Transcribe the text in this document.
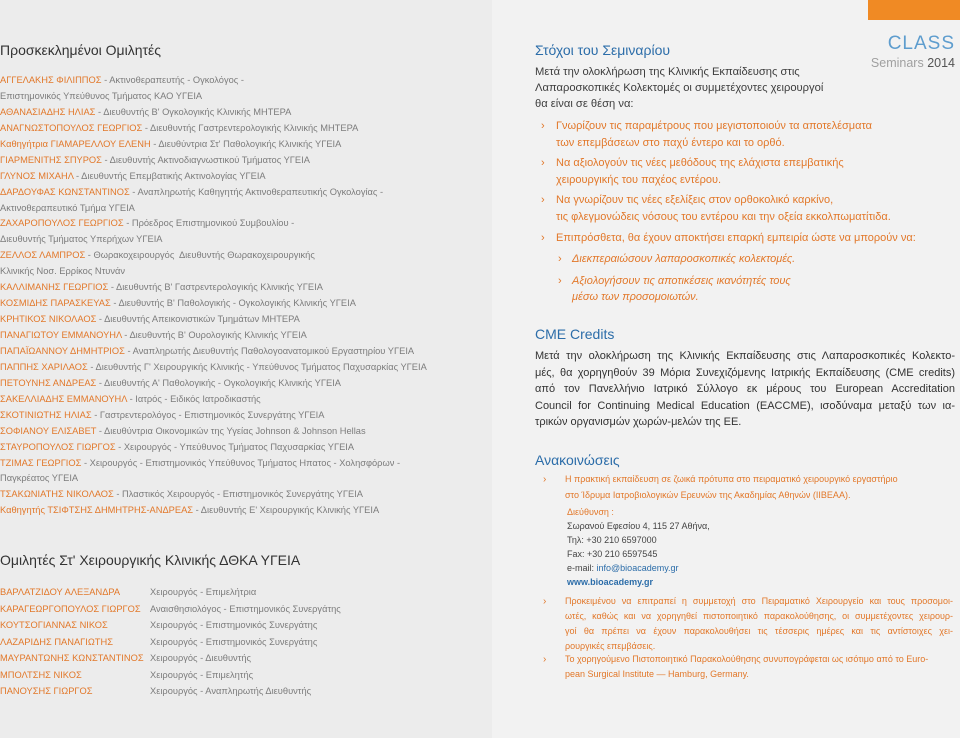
Προσκεκλημένοι Ομιλητές
ΑΓΓΕΛΑΚΗΣ ΦΙΛΙΠΠΟΣ - Ακτινοθεραπευτής - Ογκολόγος -
Επιστημονικός Υπεύθυνος Τμήματος ΚΑΟ ΥΓΕΙΑ
ΑΘΑΝΑΣΙΑΔΗΣ ΗΛΙΑΣ - Διευθυντής Β' Ογκολογικής Κλινικής ΜΗΤΕΡΑ
ΑΝΑΓΝΩΣΤΟΠΟΥΛΟΣ ΓΕΩΡΓΙΟΣ - Διευθυντής Γαστρεντερολογικής Κλινικής ΜΗΤΕΡΑ
Καθηγήτρια ΓΙΑΜΑΡΕΛΛΟΥ ΕΛΕΝΗ - Διευθύντρια Στ' Παθολογικής Κλινικής ΥΓΕΙΑ
ΓΙΑΡΜΕΝΙΤΗΣ ΣΠΥΡΟΣ - Διευθυντής Ακτινοδιαγνωστικού Τμήματος ΥΓΕΙΑ
ΓΛΥΝΟΣ ΜΙΧΑΗΛ - Διευθυντής Επεμβατικής Ακτινολογίας ΥΓΕΙΑ
ΔΑΡΔΟΥΦΑΣ ΚΩΝΣΤΑΝΤΙΝΟΣ - Αναπληρωτής Καθηγητής Ακτινοθεραπευτικής Ογκολογίας -
Ακτινοθεραπευτικό Τμήμα ΥΓΕΙΑ
ΖΑΧΑΡΟΠΟΥΛΟΣ ΓΕΩΡΓΙΟΣ - Πρόεδρος Επιστημονικού Συμβουλίου -
Διευθυντής Τμήματος Υπερήχων ΥΓΕΙΑ
ΖΕΛΛΟΣ ΛΑΜΠΡΟΣ - Θωρακοχειρουργός  Διευθυντής Θωρακοχειρουργικής
Κλινικής Νοσ. Ερρίκος Ντυνάν
ΚΑΛΛΙΜΑΝΗΣ ΓΕΩΡΓΙΟΣ - Διευθυντής Β' Γαστρεντερολογικής Κλινικής ΥΓΕΙΑ
ΚΟΣΜΙΔΗΣ ΠΑΡΑΣΚΕΥΑΣ - Διευθυντής Β' Παθολογικής - Ογκολογικής Κλινικής ΥΓΕΙΑ
ΚΡΗΤΙΚΟΣ ΝΙΚΟΛΑΟΣ - Διευθυντής Απεικονιστικών Τμημάτων ΜΗΤΕΡΑ
ΠΑΝΑΓΙΩΤΟΥ ΕΜΜΑΝΟΥΗΛ - Διευθυντής Β' Ουρολογικής Κλινικής ΥΓΕΙΑ
ΠΑΠΑΪΩΑΝΝΟΥ ΔΗΜΗΤΡΙΟΣ - Αναπληρωτής Διευθυντής Παθολογοανατομικού Εργαστηρίου ΥΓΕΙΑ
ΠΑΠΠΗΣ ΧΑΡΙΛΑΟΣ - Διευθυντής Γ' Χειρουργικής Κλινικής - Υπεύθυνος Τμήματος Παχυσαρκίας ΥΓΕΙΑ
ΠΕΤΟΥΝΗΣ ΑΝΔΡΕΑΣ - Διευθυντής Α' Παθολογικής - Ογκολογικής Κλινικής ΥΓΕΙΑ
ΣΑΚΕΛΛΙΑΔΗΣ ΕΜΜΑΝΟΥΗΛ - Ιατρός - Ειδικός Ιατροδικαστής
ΣΚΟΤΙΝΙΩΤΗΣ ΗΛΙΑΣ - Γαστρεντερολόγος - Επιστημονικός Συνεργάτης ΥΓΕΙΑ
ΣΟΦΙΑΝΟΥ ΕΛΙΣΑΒΕΤ - Διευθύντρια Οικονομικών της Υγείας Johnson & Johnson Hellas
ΣΤΑΥΡΟΠΟΥΛΟΣ ΓΙΩΡΓΟΣ - Χειρουργός - Υπεύθυνος Τμήματος Παχυσαρκίας ΥΓΕΙΑ
ΤΖΙΜΑΣ ΓΕΩΡΓΙΟΣ - Χειρουργός - Επιστημονικός Υπεύθυνος Τμήματος Ηπατος - Χολησφόρων -
Παγκρέατος ΥΓΕΙΑ
ΤΣΑΚΩΝΙΑΤΗΣ ΝΙΚΟΛΑΟΣ - Πλαστικός Χειρουργός - Επιστημονικός Συνεργάτης ΥΓΕΙΑ
Καθηγητής ΤΣΙΦΤΣΗΣ ΔΗΜΗΤΡΗΣ-ΑΝΔΡΕΑΣ - Διευθυντής Ε' Χειρουργικής Κλινικής ΥΓΕΙΑ
Ομιλητές Στ' Χειρουργικής Κλινικής ΔΘΚΑ ΥΓΕΙΑ
ΒΑΡΛΑΤΖΙΔΟΥ ΑΛΕΞΑΝΔΡΑ	Χειρουργός - Επιμελήτρια
ΚΑΡΑΓΕΩΡΓΟΠΟΥΛΟΣ ΓΙΩΡΓΟΣ	Αναισθησιολόγος - Επιστημονικός Συνεργάτης
ΚΟΥΤΣΟΓΙΑΝΝΑΣ ΝΙΚΟΣ	Χειρουργός - Επιστημονικός Συνεργάτης
ΛΑΖΑΡΙΔΗΣ ΠΑΝΑΓΙΩΤΗΣ	Χειρουργός - Επιστημονικός Συνεργάτης
ΜΑΥΡΑΝΤΩΝΗΣ ΚΩΝΣΤΑΝΤΙΝΟΣ Χειρουργός - Διευθυντής
ΜΠΟΛΤΣΗΣ ΝΙΚΟΣ	Χειρουργός - Επιμελητής
ΠΑΝΟΥΣΗΣ ΓΙΩΡΓΟΣ	Χειρουργός - Αναπληρωτής Διευθυντής
CLASS
Seminars 2014
Στόχοι του Σεμιναρίου
Μετά την ολοκλήρωση της Κλινικής Εκπαίδευσης στις
Λαπαροσκοπικές Κολεκτομές οι συμμετέχοντες χειρουργοί
θα είναι σε θέση να:
›
Γνωρίζουν τις παραμέτρους που μεγιστοποιούν τα αποτελέσματα
των επεμβάσεων στο παχύ έντερο και το ορθό.
›
Να αξιολογούν τις νέες μεθόδους της ελάχιστα επεμβατικής
χειρουργικής του παχέος εντέρου.
›
Να γνωρίζουν τις νέες εξελίξεις στον ορθοκολικό καρκίνο,
τις φλεγμονώδεις νόσους του εντέρου και την οξεία εκκολπωματίτιδα.
›
Επιπρόσθετα, θα έχουν αποκτήσει επαρκή εμπειρία ώστε να μπορούν να:
›
Διεκπεραιώσουν λαπαροσκοπικές κολεκτομές.
›
Αξιολογήσουν τις αποτικέσεις ικανότητές τους
μέσω των προσομοιωτών.
CME Credits
Μετά την ολοκλήρωση της Κλινικής Εκπαίδευσης στις Λαπαροσκοπικές Κολεκτο-
μές, θα χορηγηθούν 39 Μόρια Συνεχιζόμενης Ιατρικής Εκπαίδευσης (CME credits)
από τον Πανελλήνιο Ιατρικό Σύλλογο εκ μέρους του European Accreditation
Council for Continuing Medical Education (EACCME), ισοδύναμα μεταξύ των ια-
τρικών οργανισμών χωρών-μελών της ΕΕ.
Ανακοινώσεις
›
Η πρακτική εκπαίδευση σε ζωικά πρότυπα στο πειραματικό χειρουργικό εργαστήριο
στο Ίδρυμα Ιατροβιολογικών Ερευνών της Ακαδημίας Αθηνών (ΙΙΒΕΑΑ).
Διεύθυνση :
Σωρανού Εφεσίου 4, 115 27 Αθήνα,
Τηλ: +30 210 6597000
Fax: +30 210 6597545
e-mail: info@bioacademy.gr
www.bioacademy.gr
›
Προκειμένου να επιτραπεί η συμμετοχή στο Πειραματικό Χειρουργείο και τους προσομοι-
ωτές, καθώς και να χορηγηθεί πιστοποιητικό παρακολούθησης, οι συμμετέχοντες χειρουρ-
γοί θα πρέπει να έχουν παρακολουθήσει τις τέσσερις ημέρες και τις αντίστοιχες χει-
ρουργικές επεμβάσεις.
›
Το χορηγούμενο Πιστοποιητικό Παρακολούθησης συνυπογράφεται ως ισότιμο από το Euro-
pean Surgical Institute — Hamburg, Germany.
